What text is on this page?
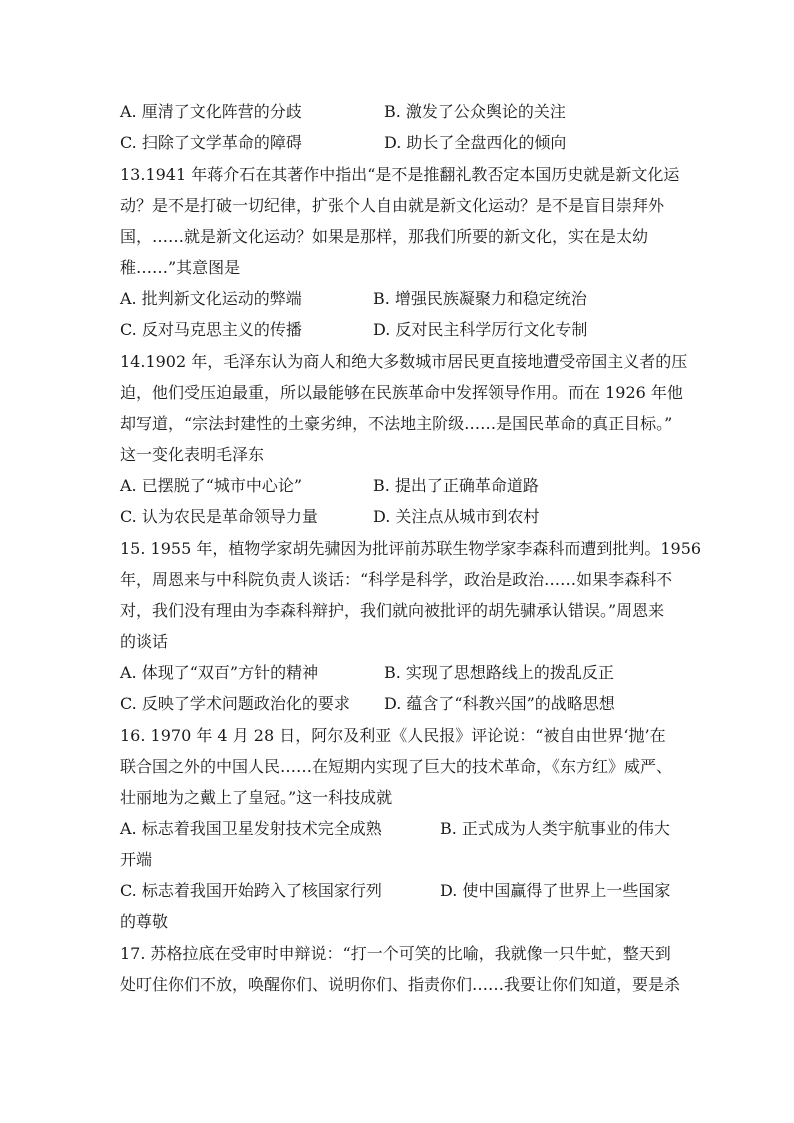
A. 厘清了文化阵营的分歧	B. 激发了公众舆论的关注
C. 扫除了文学革命的障碍	D. 助长了全盘西化的倾向
13.1941 年蒋介石在其著作中指出“是不是推翻礼教否定本国历史就是新文化运
动？是不是打破一切纪律，扩张个人自由就是新文化运动？是不是盲目崇拜外
国，……就是新文化运动？如果是那样，那我们所要的新文化，实在是太幼
稚……”其意图是
A. 批判新文化运动的弊端	B. 增强民族凝聚力和稳定统治
C. 反对马克思主义的传播	D. 反对民主科学厉行文化专制
14.1902 年，毛泽东认为商人和绝大多数城市居民更直接地遭受帝国主义者的压
迫，他们受压迫最重，所以最能够在民族革命中发挥领导作用。而在 1926 年他
却写道，“宗法封建性的土豪劣绅，不法地主阶级……是国民革命的真正目标。”
这一变化表明毛泽东
A. 已摆脱了“城市中心论”	B. 提出了正确革命道路
C. 认为农民是革命领导力量	D. 关注点从城市到农村
15. 1955 年，植物学家胡先骕因为批评前苏联生物学家李森科而遭到批判。1956
年，周恩来与中科院负责人谈话：“科学是科学，政治是政治……如果李森科不
对，我们没有理由为李森科辩护，我们就向被批评的胡先骕承认错误。”周恩来
的谈话
A. 体现了“双百”方针的精神	B. 实现了思想路线上的拨乱反正
C. 反映了学术问题政治化的要求 D. 蕴含了“科教兴国”的战略思想
16. 1970 年 4 月 28 日，阿尔及利亚《人民报》评论说：“被自由世界‘抛’在
联合国之外的中国人民……在短期内实现了巨大的技术革命，《东方红》威严、
壮丽地为之戴上了皇冠。”这一科技成就
A. 标志着我国卫星发射技术完全成熟	B. 正式成为人类宇航事业的伟大
开端
C. 标志着我国开始跨入了核国家行列	D. 使中国赢得了世界上一些国家
的尊敬
17. 苏格拉底在受审时申辩说：“打一个可笑的比喻，我就像一只牛虻，整天到
处叮住你们不放，唤醒你们、说明你们、指责你们……我要让你们知道，要是杀
